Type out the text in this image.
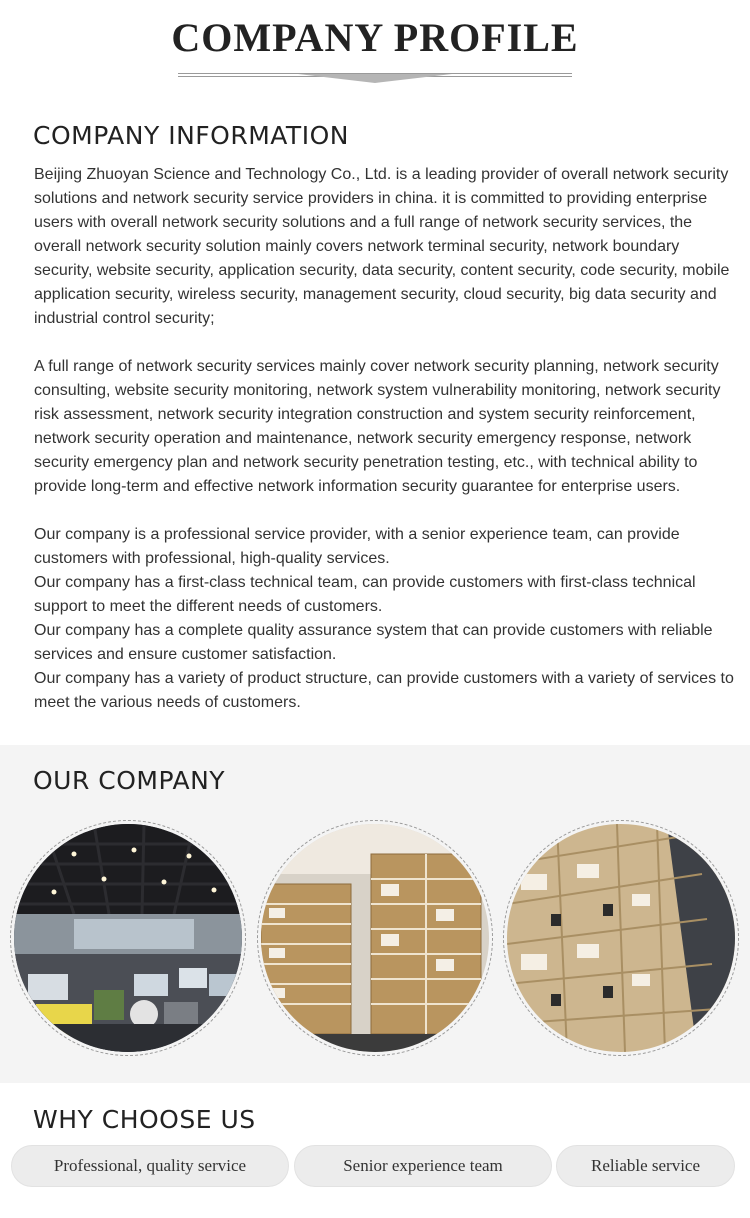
COMPANY PROFILE
COMPANY INFORMATION

Beijing Zhuoyan Science and Technology Co., Ltd. is a leading provider of overall network security solutions and network security service providers in china. it is committed to providing enterprise users with overall network security solutions and a full range of network security services, the overall network security solution mainly covers network terminal security, network boundary security, website security, application security, data security, content security, code security, mobile application security, wireless security, management security, cloud security, big data security and industrial control security;

A full range of network security services mainly cover network security planning, network security consulting, website security monitoring, network system vulnerability monitoring, network security risk assessment, network security integration construction and system security reinforcement, network security operation and maintenance, network security emergency response, network security emergency plan and network security penetration testing, etc., with technical ability to provide long-term and effective network information security guarantee for enterprise users.

Our company is a professional service provider, with a senior experience team, can provide customers with professional, high-quality services.

Our company has a first-class technical team, can provide customers with first-class technical support to meet the different needs of customers.

Our company has a complete quality assurance system that can provide customers with reliable services and ensure customer satisfaction.

Our company has a variety of product structure, can provide customers with a variety of services to meet the various needs of customers.

OUR COMPANY
WHY CHOOSE US
Professional, quality service	Senior experience team	Reliable service
